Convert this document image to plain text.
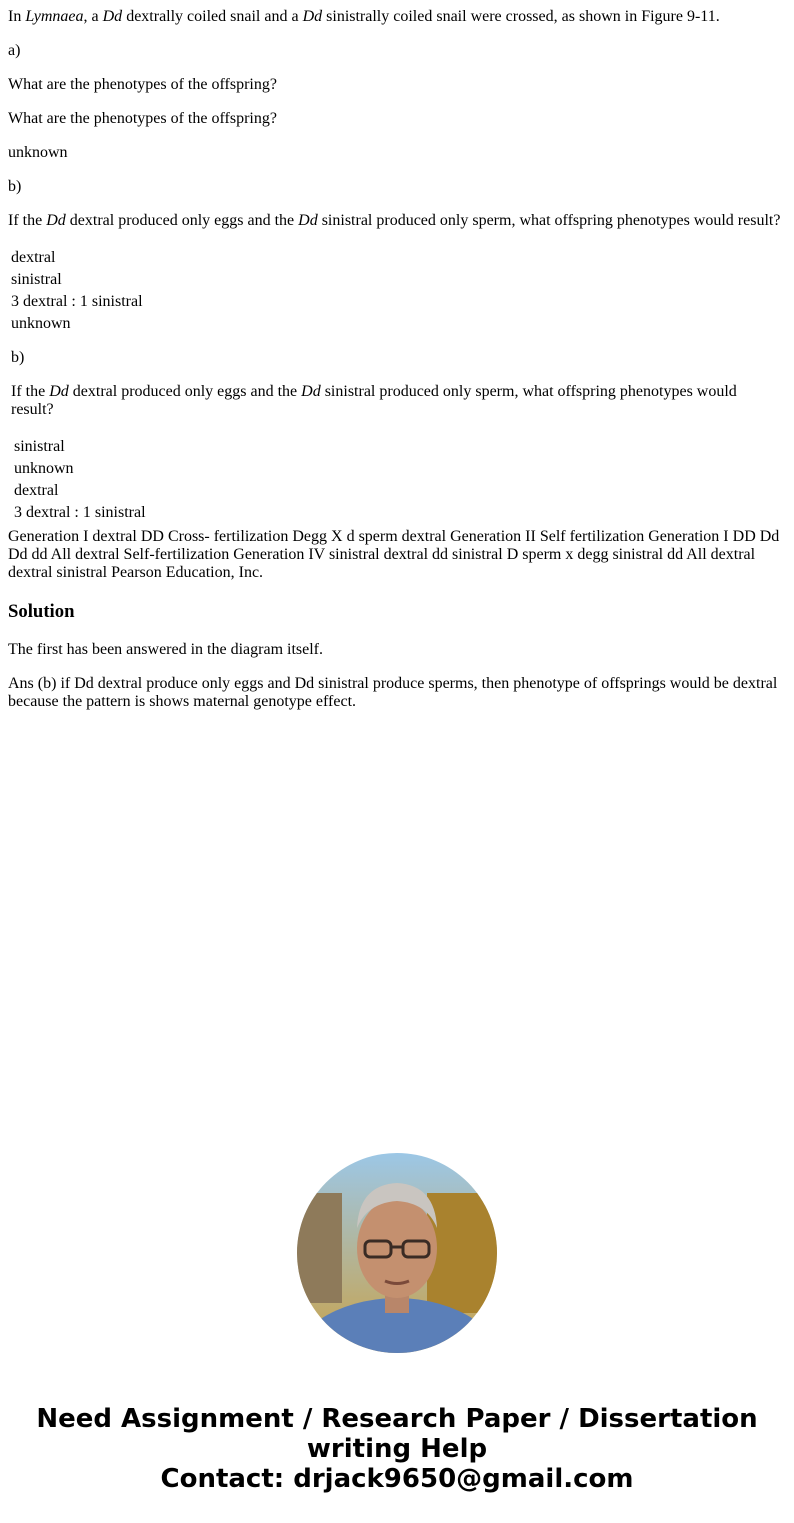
In Lymnaea, a Dd dextrally coiled snail and a Dd sinistrally coiled snail were crossed, as shown in Figure 9-11.

a)

What are the phenotypes of the offspring?

What are the phenotypes of the offspring?

unknown

b)

If the Dd dextral produced only eggs and the Dd sinistral produced only sperm, what offspring phenotypes would result?

dextral
sinistral
3 dextral : 1 sinistral
unknown

b)

If the Dd dextral produced only eggs and the Dd sinistral produced only sperm, what offspring phenotypes would result?

sinistral
unknown
dextral
3 dextral : 1 sinistral

Generation I dextral DD Cross- fertilization Degg X d sperm dextral Generation II Self fertilization Generation I DD Dd Dd dd All dextral Self-fertilization Generation IV sinistral dextral dd sinistral D sperm x degg sinistral dd All dextral dextral sinistral Pearson Education, Inc.

Solution

The first has been answered in the diagram itself.

Ans (b) if Dd dextral produce only eggs and Dd sinistral produce sperms, then phenotype of offsprings would be dextral because the pattern is shows maternal genotype effect.

Need Assignment / Research Paper / Dissertation
writing Help
Contact: drjack9650@gmail.com
